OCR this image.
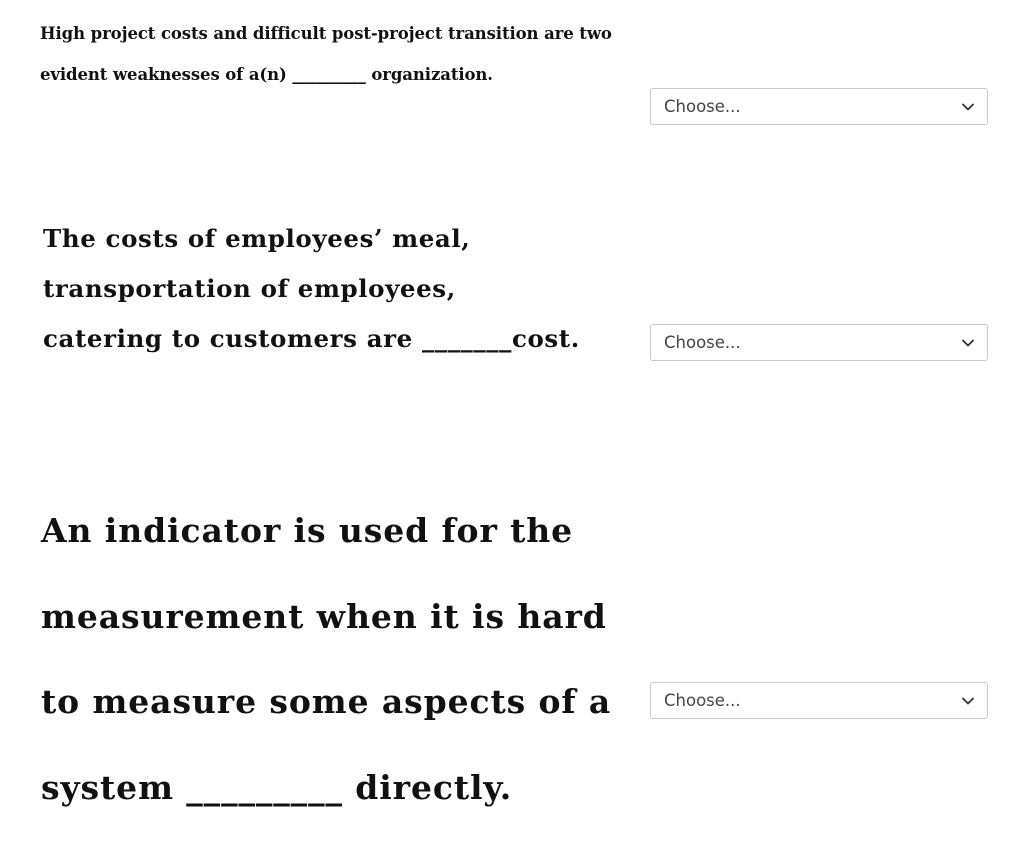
High project costs and difficult post-project transition are two
evident weaknesses of a(n) _________ organization.
Choose...
The costs of employees’ meal,
transportation of employees,
catering to customers are _______cost.	Choose...
An indicator is used for the
measurement when it is hard
to measure some aspects of a
system _________ directly.
Choose...
